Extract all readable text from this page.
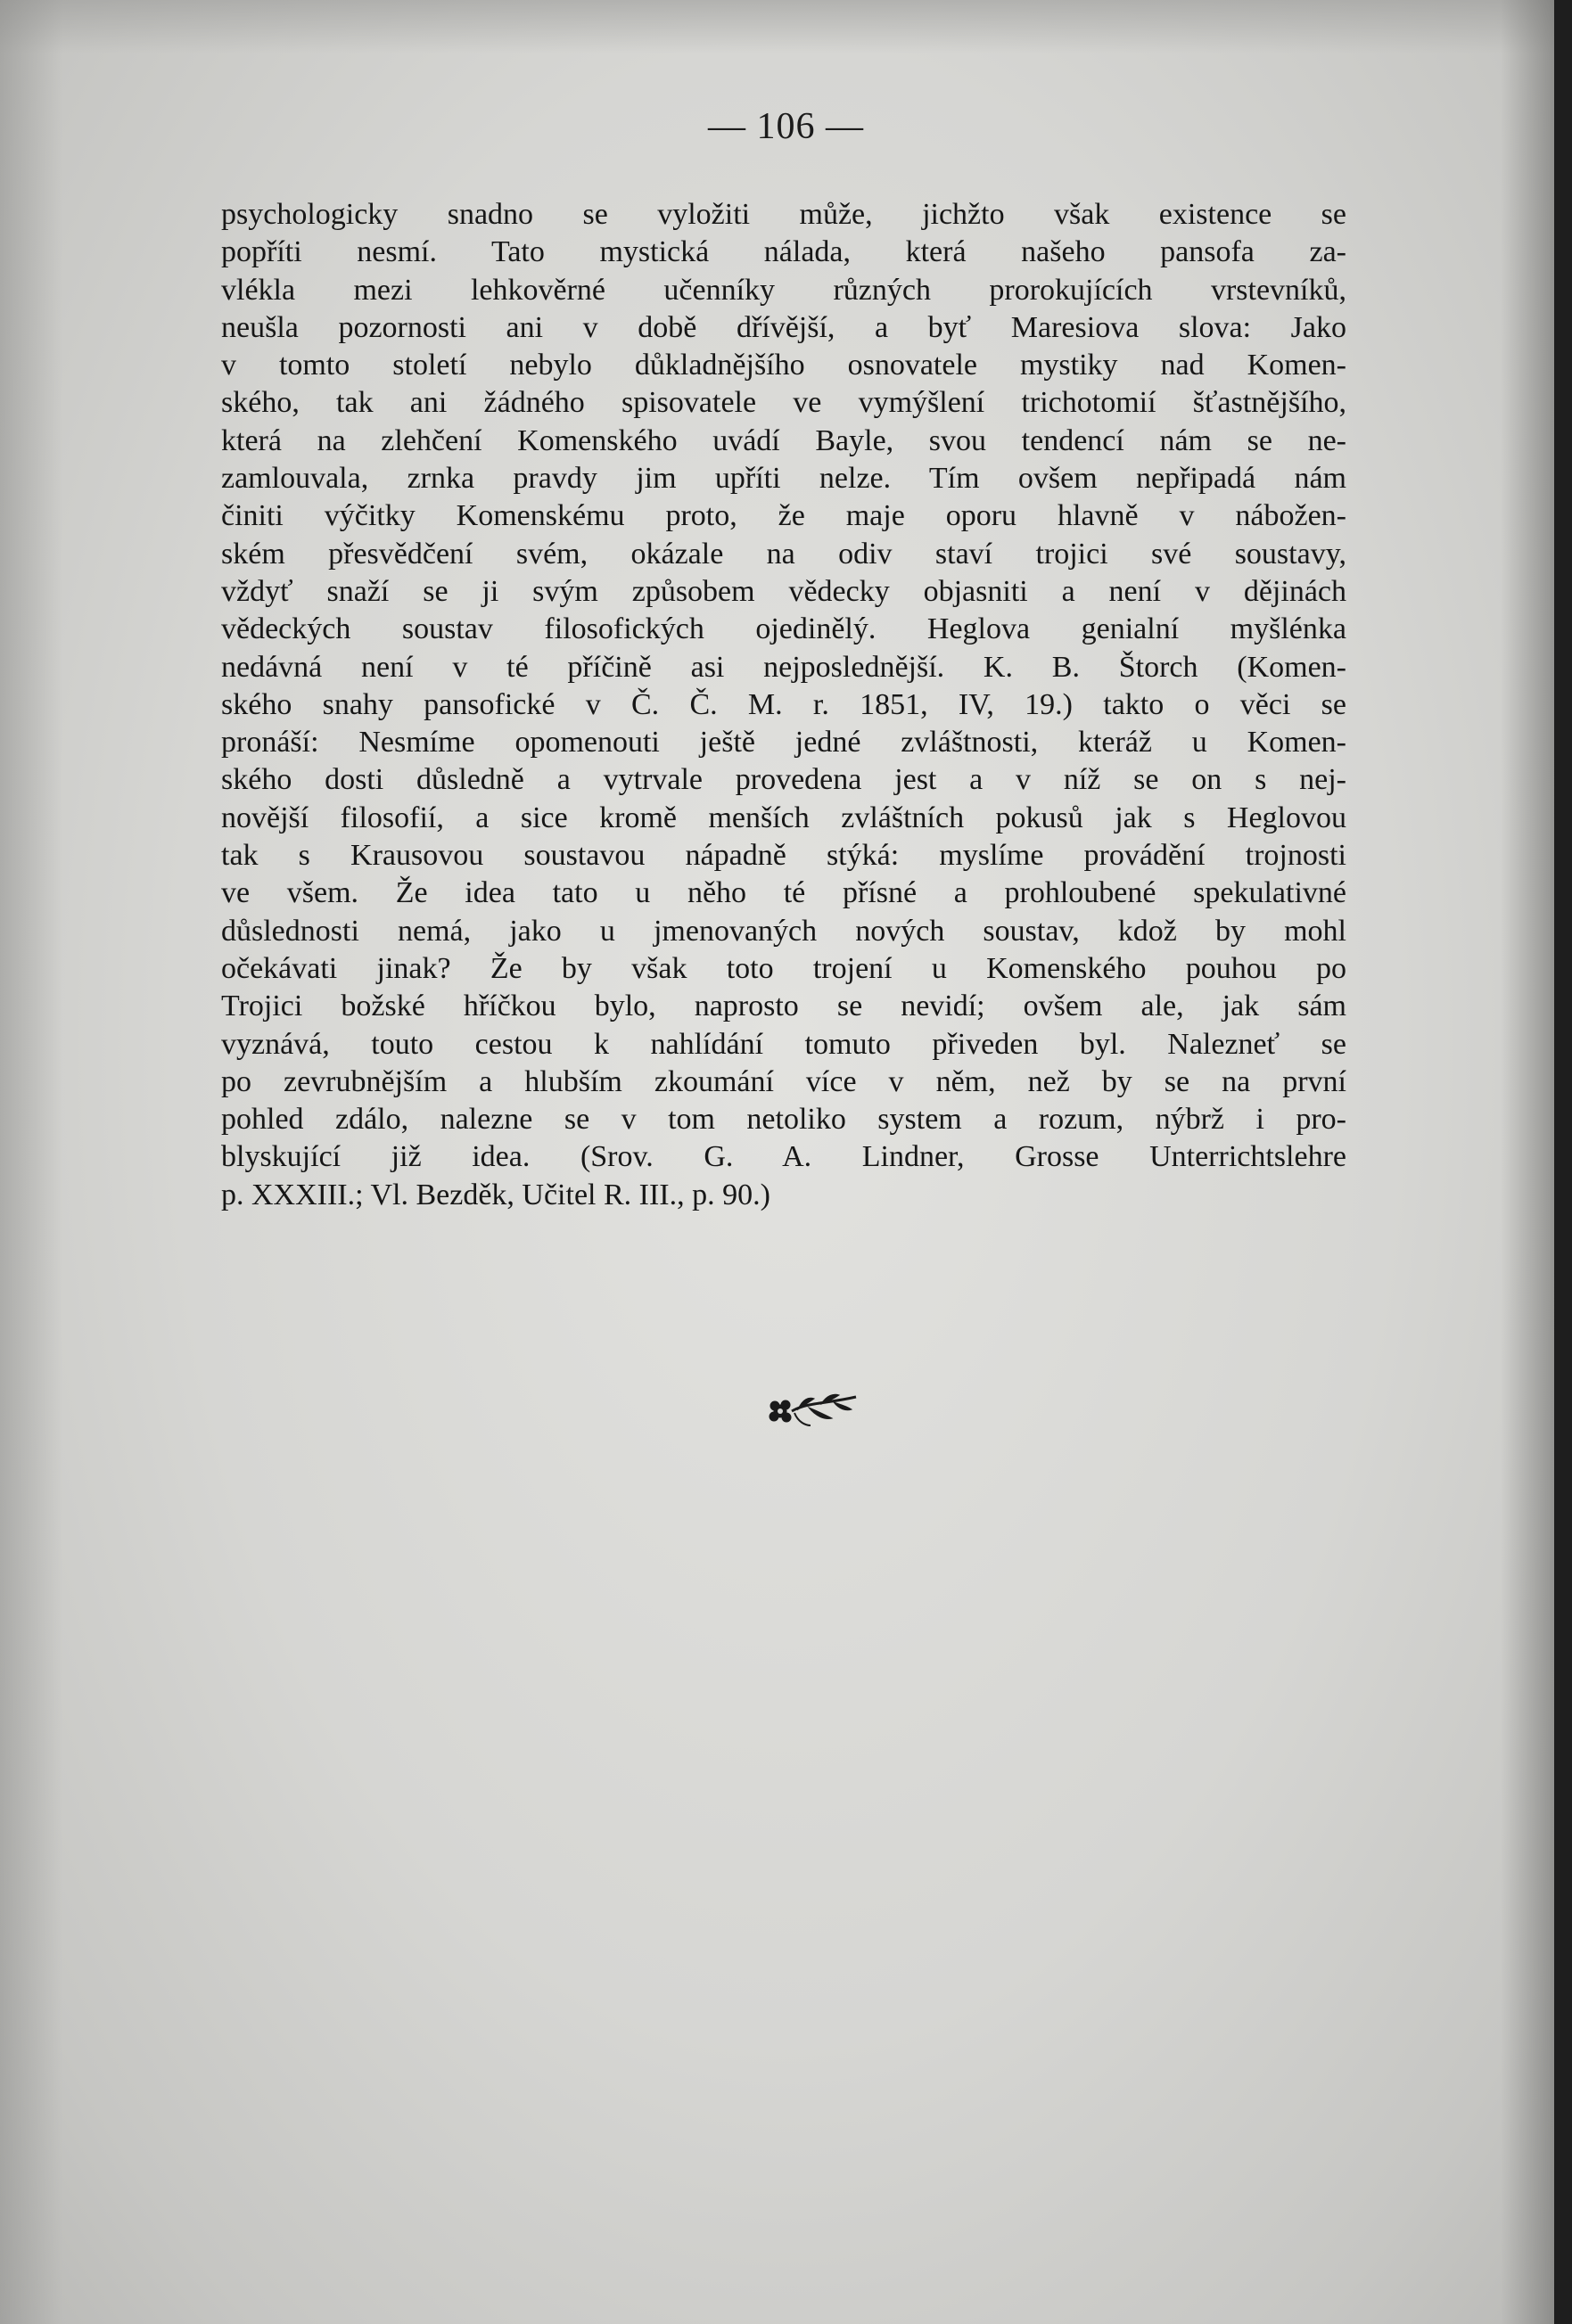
— 106 —
psychologicky snadno se vyložiti může, jichžto však existence se
popříti nesmí. Tato mystická nálada, která našeho pansofa za-
vlékla mezi lehkověrné učenníky různých prorokujících vrstevníků,
neušla pozornosti ani v době dřívější, a byť Maresiova slova: Jako
v tomto století nebylo důkladnějšího osnovatele mystiky nad Komen-
ského, tak ani žádného spisovatele ve vymýšlení trichotomií šťastnějšího,
která na zlehčení Komenského uvádí Bayle, svou tendencí nám se ne-
zamlouvala, zrnka pravdy jim upříti nelze. Tím ovšem nepřipadá nám
činiti výčitky Komenskému proto, že maje oporu hlavně v nábožen-
ském přesvědčení svém, okázale na odiv staví trojici své soustavy,
vždyť snaží se ji svým způsobem vědecky objasniti a není v dějinách
vědeckých soustav filosofických ojedinělý. Heglova genialní myšlénka
nedávná není v té příčině asi nejposlednější. K. B. Štorch (Komen-
ského snahy pansofické v Č. Č. M. r. 1851, IV, 19.) takto o věci se
pronáší: Nesmíme opomenouti ještě jedné zvláštnosti, kteráž u Komen-
ského dosti důsledně a vytrvale provedena jest a v níž se on s nej-
novější filosofií, a sice kromě menších zvláštních pokusů jak s Heglovou
tak s Krausovou soustavou nápadně stýká: myslíme provádění trojnosti
ve všem. Že idea tato u něho té přísné a prohloubené spekulativné
důslednosti nemá, jako u jmenovaných nových soustav, kdož by mohl
očekávati jinak? Že by však toto trojení u Komenského pouhou po
Trojici božské hříčkou bylo, naprosto se nevidí; ovšem ale, jak sám
vyznává, touto cestou k nahlídání tomuto přiveden byl. Nalezneť se
po zevrubnějším a hlubším zkoumání více v něm, než by se na první
pohled zdálo, nalezne se v tom netoliko system a rozum, nýbrž i pro-
blyskující již idea. (Srov. G. A. Lindner, Grosse Unterrichtslehre
p. XXXIII.; Vl. Bezděk, Učitel R. III., p. 90.)
